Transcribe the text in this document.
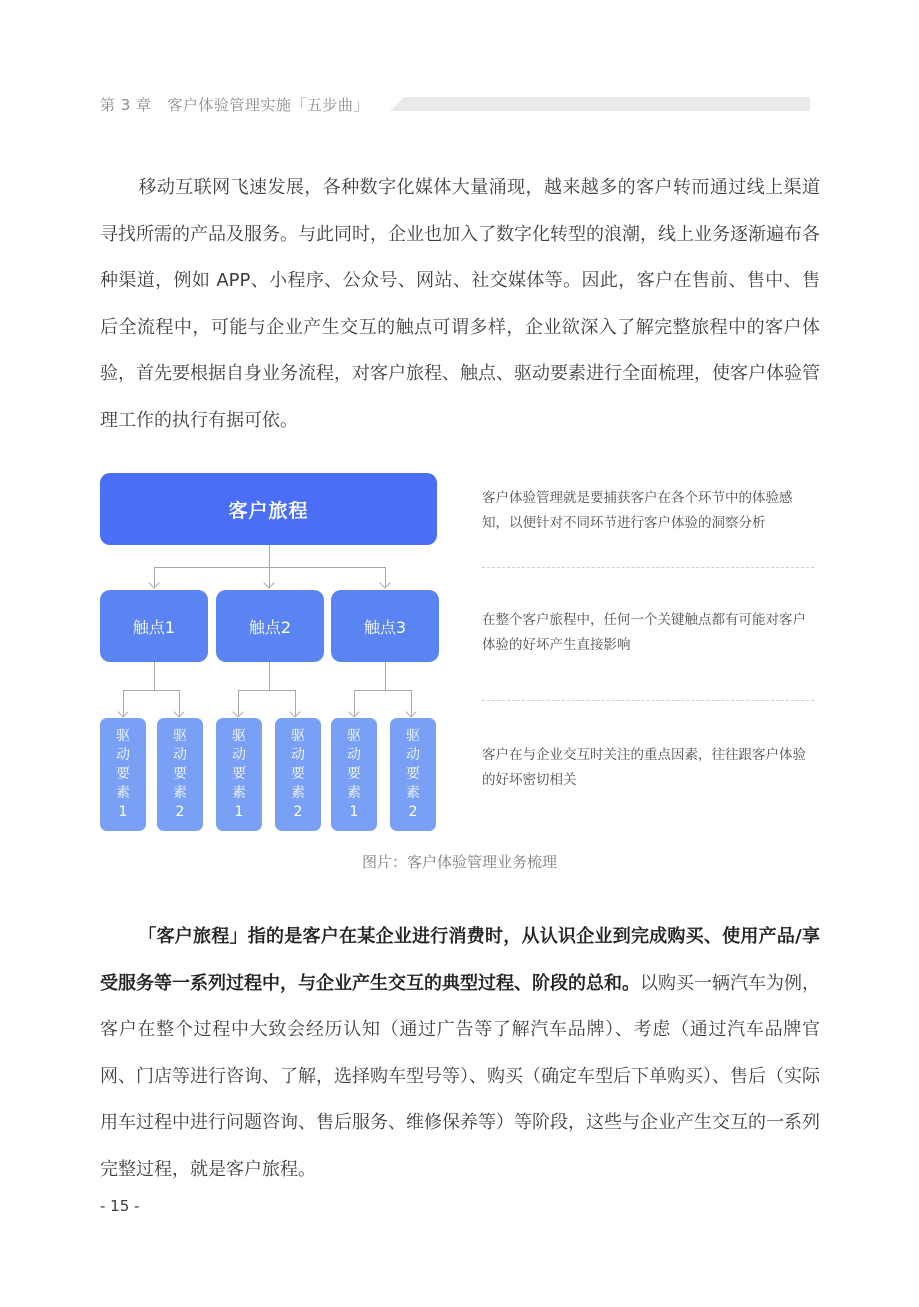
第 3 章 客户体验管理实施「五步曲」
移动互联网飞速发展，各种数字化媒体大量涌现，越来越多的客户转而通过线上渠道寻找所需的产品及服务。与此同时，企业也加入了数字化转型的浪潮，线上业务逐渐遍布各种渠道，例如 APP、小程序、公众号、网站、社交媒体等。因此，客户在售前、售中、售后全流程中，可能与企业产生交互的触点可谓多样，企业欲深入了解完整旅程中的客户体验，首先要根据自身业务流程，对客户旅程、触点、驱动要素进行全面梳理，使客户体验管理工作的执行有据可依。
客户旅程
触点1	触点2	触点3
驱
动
要
素
1
驱
动
要
素
2
驱
动
要
素
1
驱
动
要
素
2
驱
动
要
素
1
驱
动
要
素
2
客户体验管理就是要捕获客户在各个环节中的体验感知，以便针对不同环节进行客户体验的洞察分析
在整个客户旅程中，任何一个关键触点都有可能对客户体验的好坏产生直接影响
客户在与企业交互时关注的重点因素，往往跟客户体验的好坏密切相关
图片：客户体验管理业务梳理
「客户旅程」指的是客户在某企业进行消费时，从认识企业到完成购买、使用产品/享受服务等一系列过程中，与企业产生交互的典型过程、阶段的总和。以购买一辆汽车为例，客户在整个过程中大致会经历认知（通过广告等了解汽车品牌）、考虑（通过汽车品牌官网、门店等进行咨询、了解，选择购车型号等）、购买（确定车型后下单购买）、售后（实际用车过程中进行问题咨询、售后服务、维修保养等）等阶段，这些与企业产生交互的一系列完整过程，就是客户旅程。
- 15 -
